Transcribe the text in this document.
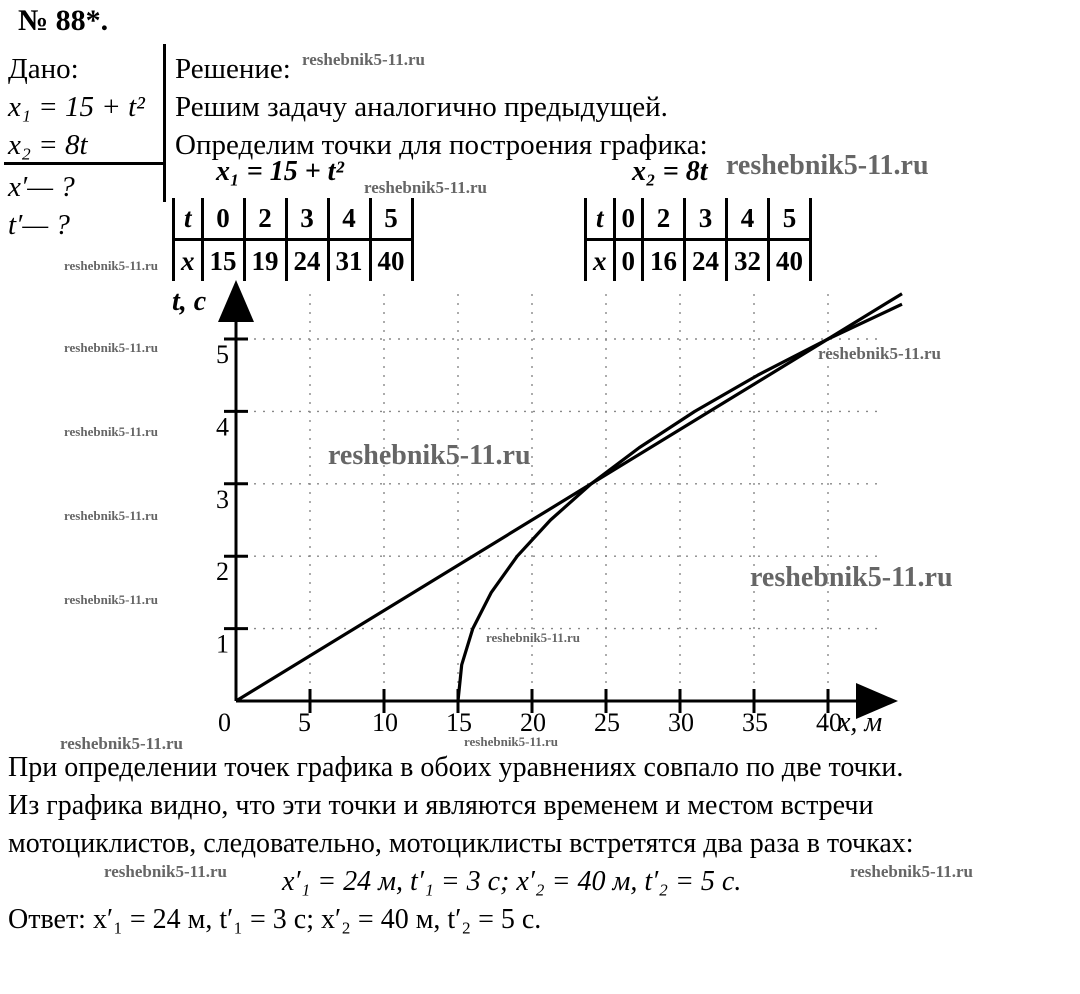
№ 88*.
Дано:
x₁ = 15 + t²
x₂ = 8t
x′— ?
t′— ?
Решение:
Решим задачу аналогично предыдущей.
Определим точки для построения графика:
x₁ = 15 + t²	x₂ = 8t
t	0	2	3	4	5
x	15	19	24	31	40
t	0	2	3	4	5
x	0	16	24	32	40
0	5 10 15 20 25 30 35 40
1
2
3
4
5
x, м
t, с
При определении точек графика в обоих уравнениях совпало по две точки.
Из графика видно, что эти точки и являются временем и местом встречи
мотоциклистов, следовательно, мотоциклисты встретятся два раза в точках:
x′₁ = 24 м, t′₁ = 3 с; x′₂ = 40 м, t′₂ = 5 с.
Ответ: x′₁ = 24 м, t′₁ = 3 с; x′₂ = 40 м, t′₂ = 5 с.
reshebnik5-11.ru
reshebnik5-11.ru
reshebnik5-11.ru
reshebnik5-11.ru
reshebnik5-11.ru	reshebnik5-11.ru
reshebnik5-11.ru
reshebnik5-11.ru
reshebnik5-11.ru
reshebnik5-11.ru
reshebnik5-11.ru
reshebnik5-11.ru
reshebnik5-11.ru	reshebnik5-11.ru
reshebnik5-11.ru	reshebnik5-11.ru
